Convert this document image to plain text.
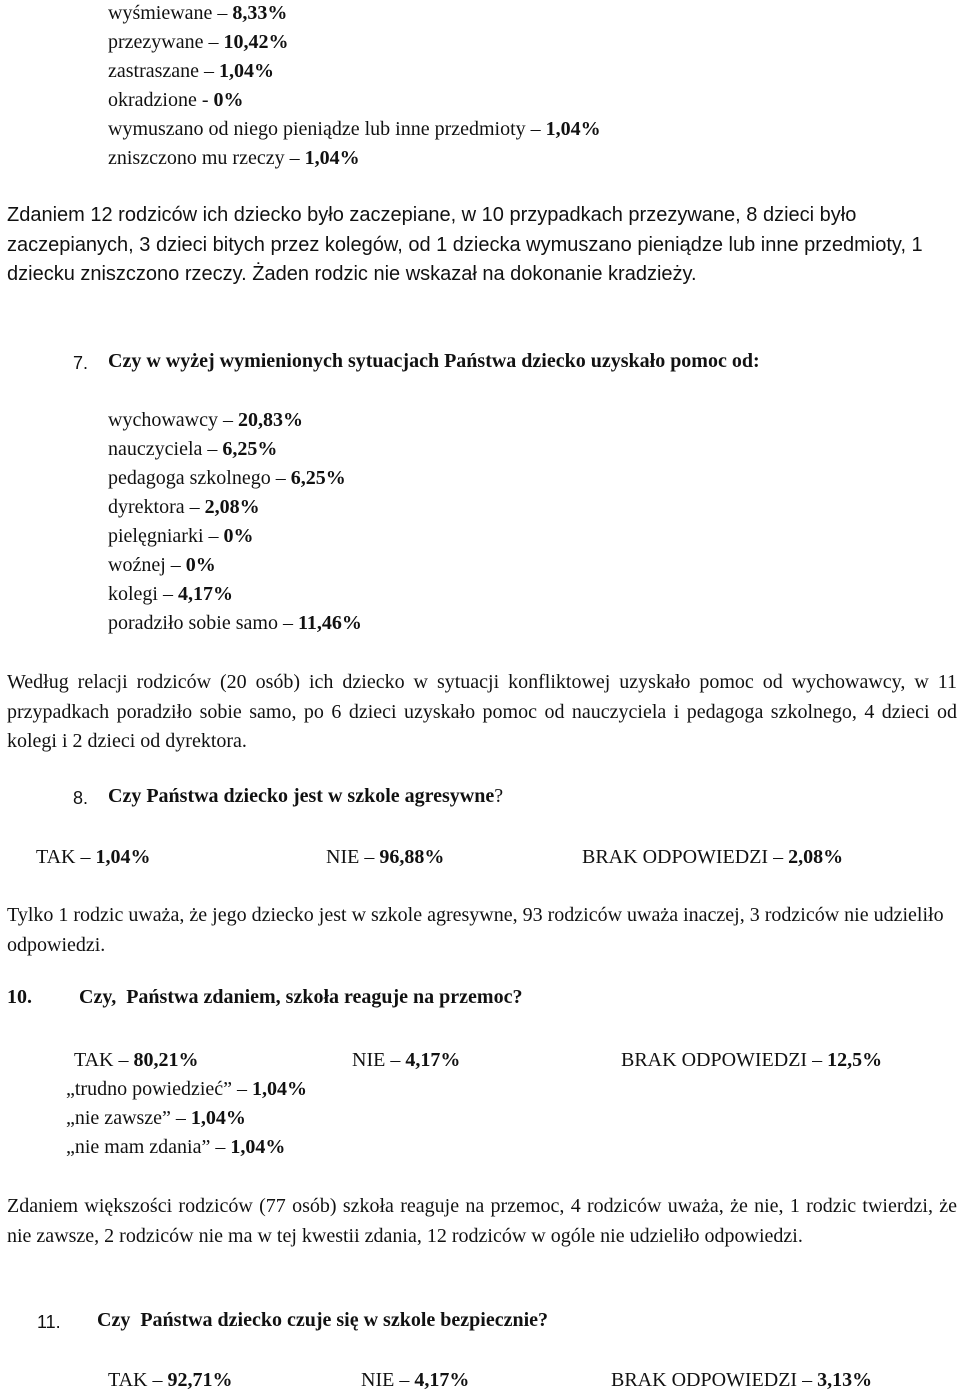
wyśmiewane – 8,33%
przezywane – 10,42%
zastraszane – 1,04%
okradzione - 0%
wymuszano od niego pieniądze lub inne przedmioty – 1,04%
zniszczono mu rzeczy – 1,04%
Zdaniem 12 rodziców ich dziecko było zaczepiane, w 10 przypadkach przezywane, 8 dzieci było zaczepianych, 3 dzieci bitych przez kolegów, od 1 dziecka wymuszano pieniądze lub inne przedmioty, 1 dziecku zniszczono rzeczy. Żaden rodzic nie wskazał na dokonanie kradzieży.
7. Czy w wyżej wymienionych sytuacjach Państwa dziecko uzyskało pomoc od:
wychowawcy – 20,83%
nauczyciela – 6,25%
pedagoga szkolnego – 6,25%
dyrektora – 2,08%
pielęgniarki – 0%
woźnej – 0%
kolegi – 4,17%
poradziło sobie samo – 11,46%
Według relacji rodziców (20 osób) ich dziecko w sytuacji konfliktowej uzyskało pomoc od wychowawcy, w 11 przypadkach poradziło sobie samo, po 6 dzieci uzyskało pomoc od nauczyciela i pedagoga szkolnego, 4 dzieci od kolegi i 2 dzieci od dyrektora.
8. Czy Państwa dziecko jest w szkole agresywne?
TAK – 1,04%	NIE – 96,88%	BRAK ODPOWIEDZI – 2,08%
Tylko 1 rodzic uważa, że jego dziecko jest w szkole agresywne, 93 rodziców uważa inaczej, 3 rodziców nie udzieliło odpowiedzi.
10. Czy,  Państwa zdaniem, szkoła reaguje na przemoc?
TAK – 80,21%	NIE – 4,17%	BRAK ODPOWIEDZI – 12,5%
„trudno powiedzieć” – 1,04%
„nie zawsze” – 1,04%
„nie mam zdania” – 1,04%
Zdaniem większości rodziców (77 osób) szkoła reaguje na przemoc, 4 rodziców uważa, że nie, 1 rodzic twierdzi, że nie zawsze, 2 rodziców nie ma w tej kwestii zdania, 12 rodziców w ogóle nie udzieliło odpowiedzi.
11. Czy  Państwa dziecko czuje się w szkole bezpiecznie?
TAK – 92,71%	NIE – 4,17%	BRAK ODPOWIEDZI – 3,13%
